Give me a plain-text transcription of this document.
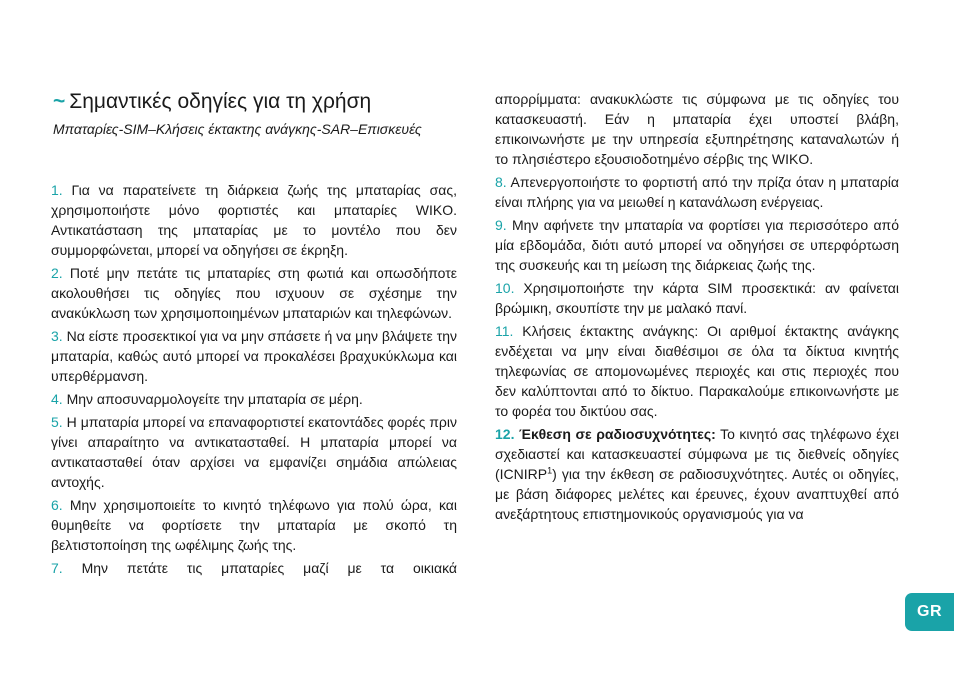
~ Σημαντικές οδηγίες για τη χρήση
Μπαταρίες-SIM–Κλήσεις έκτακτης ανάγκης-SAR–Επισκευές

1. Για να παρατείνετε τη διάρκεια ζωής της μπαταρίας σας, χρησιμοποιήστε μόνο φορτιστές και μπαταρίες WIKO. Αντικατάσταση της μπαταρίας με το μοντέλο που δεν συμμορφώνεται, μπορεί να οδηγήσει σε έκρηξη.

2. Ποτέ μην πετάτε τις μπαταρίες στη φωτιά και οπωσδήποτε ακολουθήσει τις οδηγίες που ισχυουν σε σχέσημε την ανακύκλωση των χρησιμοποιημένων μπαταριών και τηλεφώνων.

3. Να είστε προσεκτικοί για να μην σπάσετε ή να μην βλάψετε την μπαταρία, καθώς αυτό μπορεί να προκαλέσει βραχυκύκλωμα και υπερθέρμανση.

4. Μην αποσυναρμολογείτε την μπαταρία σε μέρη.

5. Η μπαταρία μπορεί να επαναφορτιστεί εκατοντάδες φορές πριν γίνει απαραίτητο να αντικατασταθεί. Η μπαταρία μπορεί να αντικατασταθεί όταν αρχίσει να εμφανίζει σημάδια απώλειας αντοχής.

6. Μην χρησιμοποιείτε το κινητό τηλέφωνο για πολύ ώρα, και θυμηθείτε να φορτίσετε την μπαταρία με σκοπό τη βελτιστοποίηση της ωφέλιμης ζωής της.

7. Μην πετάτε τις μπαταρίες μαζί με τα οικιακά

απορρίμματα: ανακυκλώστε τις σύμφωνα με τις οδηγίες του κατασκευαστή. Εάν η μπαταρία έχει υποστεί βλάβη, επικοινωνήστε με την υπηρεσία εξυπηρέτησης καταναλωτών ή το πλησιέστερο εξουσιοδοτημένο σέρβις της WIKO.

8. Απενεργοποιήστε το φορτιστή από την πρίζα όταν η μπαταρία είναι πλήρης για να μειωθεί η κατανάλωση ενέργειας.

9. Μην αφήνετε την μπαταρία να φορτίσει για περισσότερο από μία εβδομάδα, διότι αυτό μπορεί να οδηγήσει σε υπερφόρτωση της συσκευής και τη μείωση της διάρκειας ζωής της.

10. Χρησιμοποιήστε την κάρτα SIM προσεκτικά: αν φαίνεται βρώμικη, σκουπίστε την με μαλακό πανί.

11. Κλήσεις έκτακτης ανάγκης: Οι αριθμοί έκτακτης ανάγκης ενδέχεται να μην είναι διαθέσιμοι σε όλα τα δίκτυα κινητής τηλεφωνίας σε απομονωμένες περιοχές και στις περιοχές που δεν καλύπτονται από το δίκτυο. Παρακαλούμε επικοινωνήστε με το φορέα του δικτύου σας.

12. Έκθεση σε ραδιοσυχνότητες: Το κινητό σας τηλέφωνο έχει σχεδιαστεί και κατασκευαστεί σύμφωνα με τις διεθνείς οδηγίες (ICNIRP$^1$) για την έκθεση σε ραδιοσυχνότητες. Αυτές οι οδηγίες, με βάση διάφορες μελέτες και έρευνες, έχουν αναπτυχθεί από ανεξάρτητους επιστημονικούς οργανισμούς για να

GR
